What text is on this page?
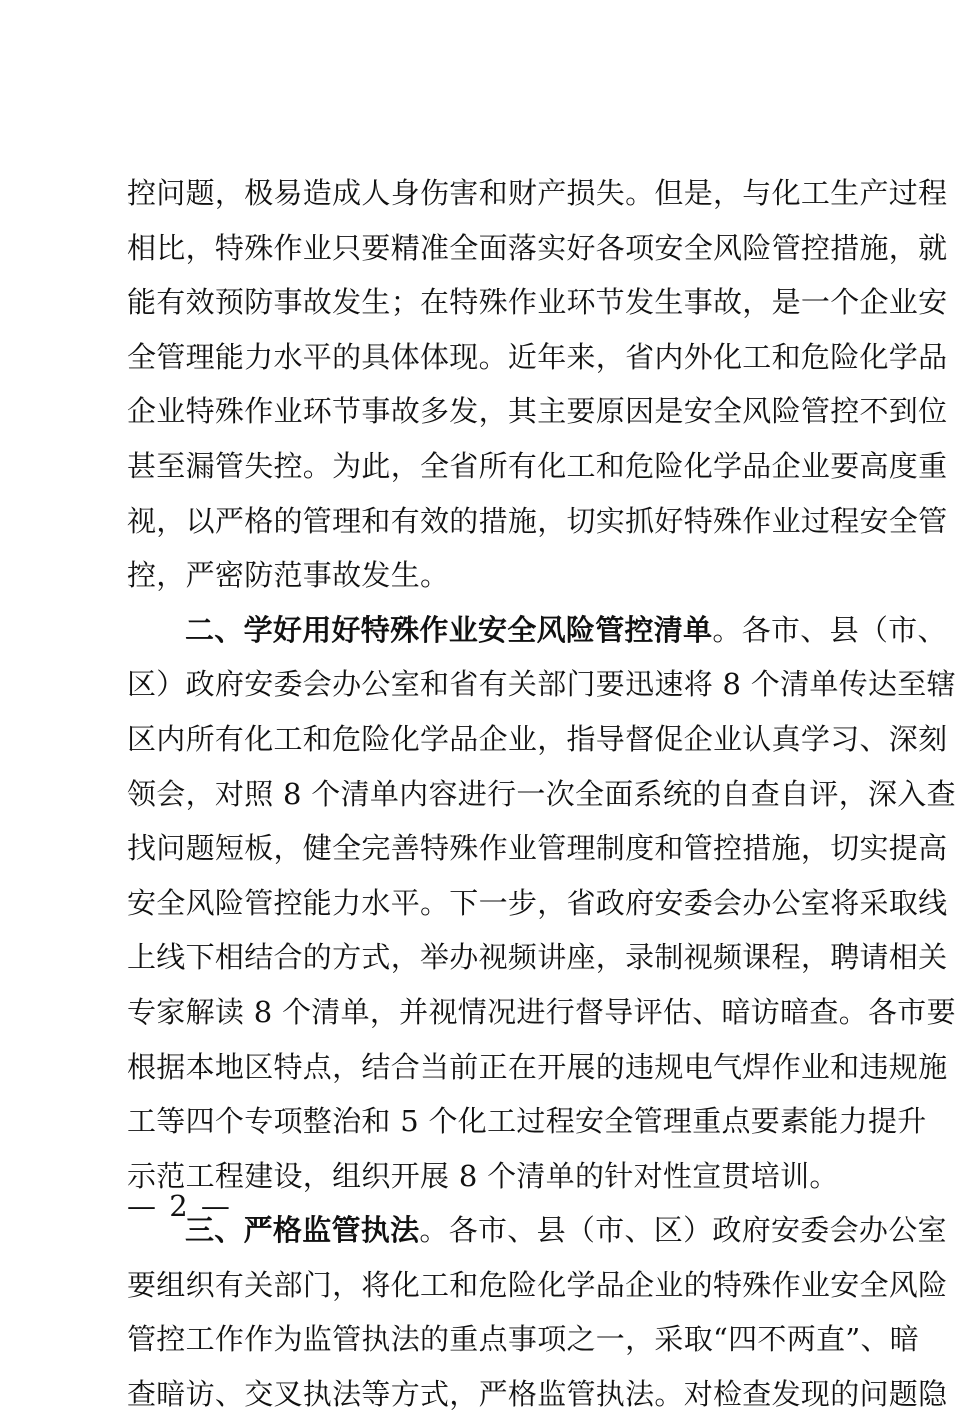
控问题，极易造成人身伤害和财产损失。但是，与化工生产过程
相比，特殊作业只要精准全面落实好各项安全风险管控措施，就
能有效预防事故发生；在特殊作业环节发生事故，是一个企业安
全管理能力水平的具体体现。近年来，省内外化工和危险化学品
企业特殊作业环节事故多发，其主要原因是安全风险管控不到位
甚至漏管失控。为此，全省所有化工和危险化学品企业要高度重
视，以严格的管理和有效的措施，切实抓好特殊作业过程安全管
控，严密防范事故发生。
二、学好用好特殊作业安全风险管控清单。各市、县（市、
区）政府安委会办公室和省有关部门要迅速将 8 个清单传达至辖
区内所有化工和危险化学品企业，指导督促企业认真学习、深刻
领会，对照 8 个清单内容进行一次全面系统的自查自评，深入查
找问题短板，健全完善特殊作业管理制度和管控措施，切实提高
安全风险管控能力水平。下一步，省政府安委会办公室将采取线
上线下相结合的方式，举办视频讲座，录制视频课程，聘请相关
专家解读 8 个清单，并视情况进行督导评估、暗访暗查。各市要
根据本地区特点，结合当前正在开展的违规电气焊作业和违规施
工等四个专项整治和 5 个化工过程安全管理重点要素能力提升
示范工程建设，组织开展 8 个清单的针对性宣贯培训。
三、严格监管执法。各市、县（市、区）政府安委会办公室
要组织有关部门，将化工和危险化学品企业的特殊作业安全风险
管控工作作为监管执法的重点事项之一，采取“四不两直”、暗
查暗访、交叉执法等方式，严格监管执法。对检查发现的问题隐
— 2 —
